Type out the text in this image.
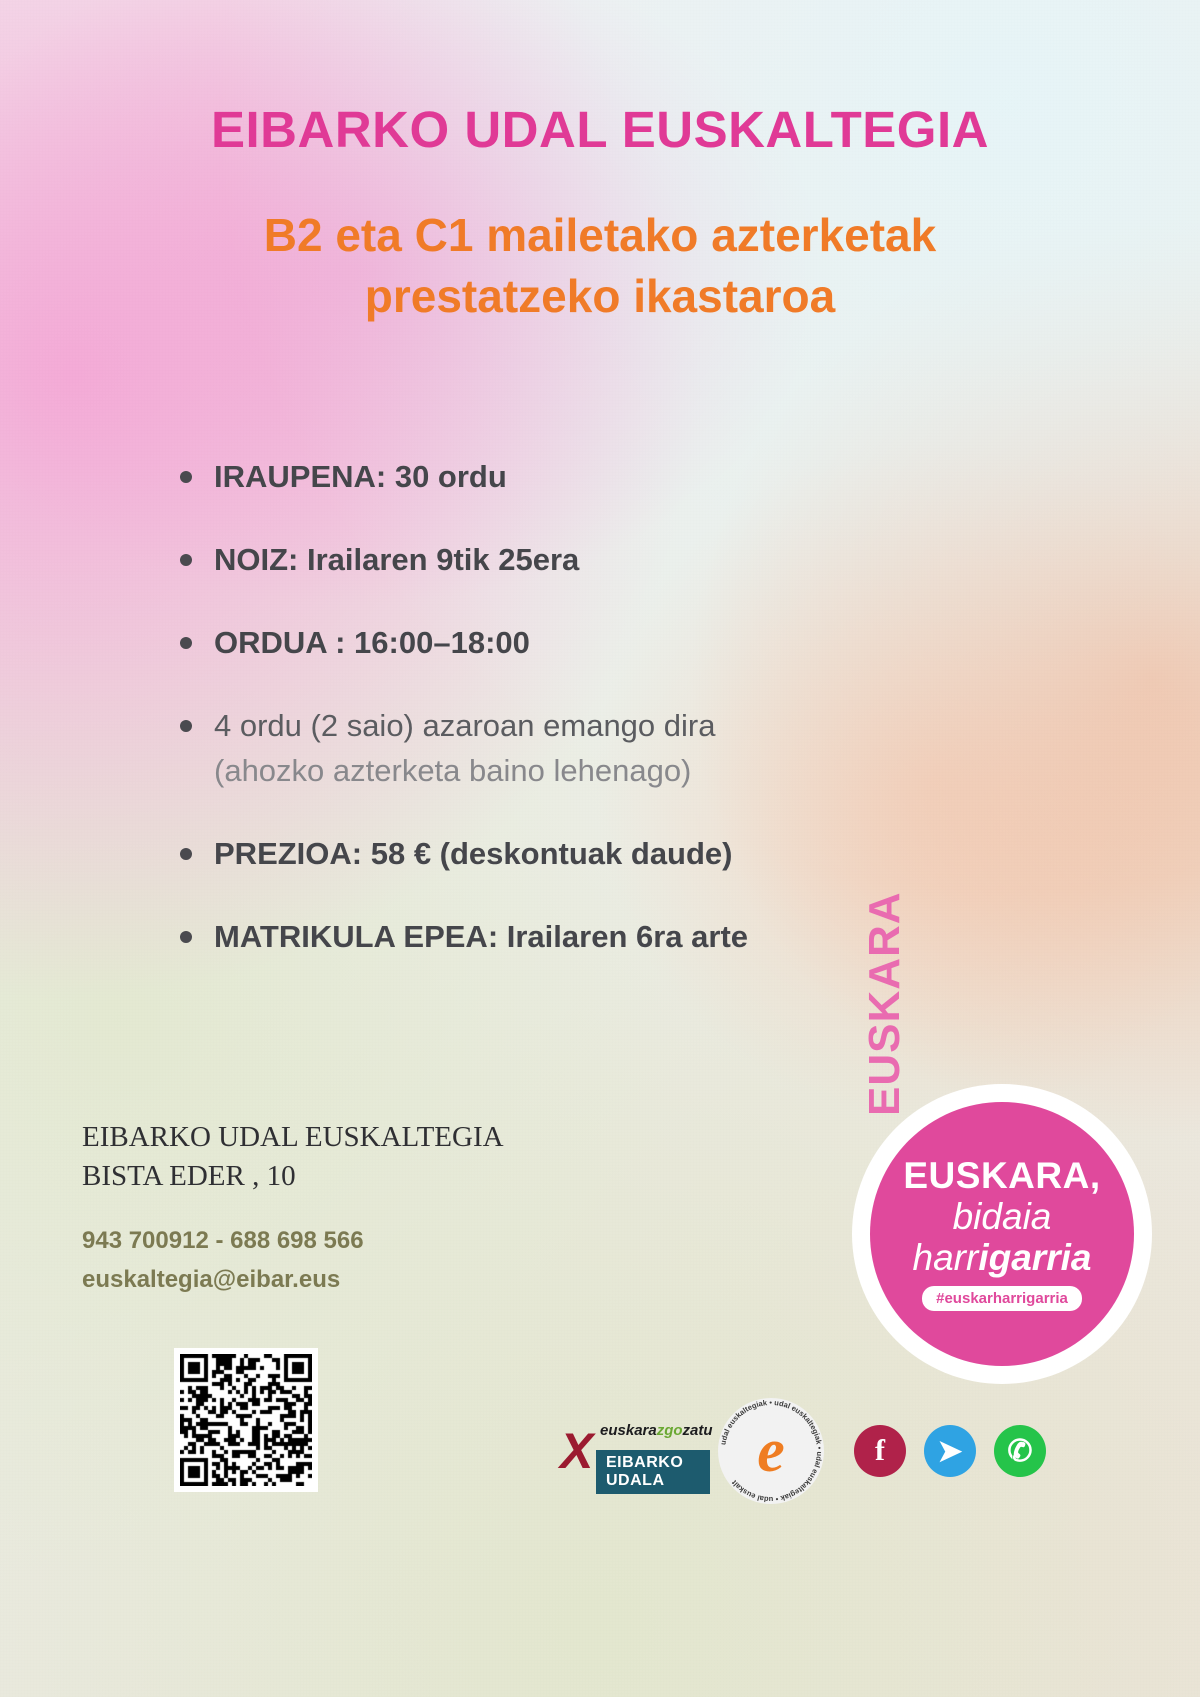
EIBARKO UDAL EUSKALTEGIA
B2 eta C1 mailetako azterketak
prestatzeko ikastaroa
IRAUPENA: 30 ordu
NOIZ: Irailaren 9tik 25era
ORDUA : 16:00–18:00
4 ordu (2 saio) azaroan emango dira
(ahozko azterketa baino lehenago)
PREZIOA: 58 € (deskontuak daude)
MATRIKULA EPEA: Irailaren 6ra arte
EIBARKO UDAL EUSKALTEGIA
BISTA EDER , 10
943 700912 - 688 698 566
euskaltegia@eibar.eus
EUSKARA
EUSKARA,
bidaia
harrigarria
#euskarharrigarria
X euskarazgozatu
EIBARKO UDALA
udal euskaltegiak • udal euskaltegiak • udal euskaltegiak • udal euskalt e	f	➤	✆
